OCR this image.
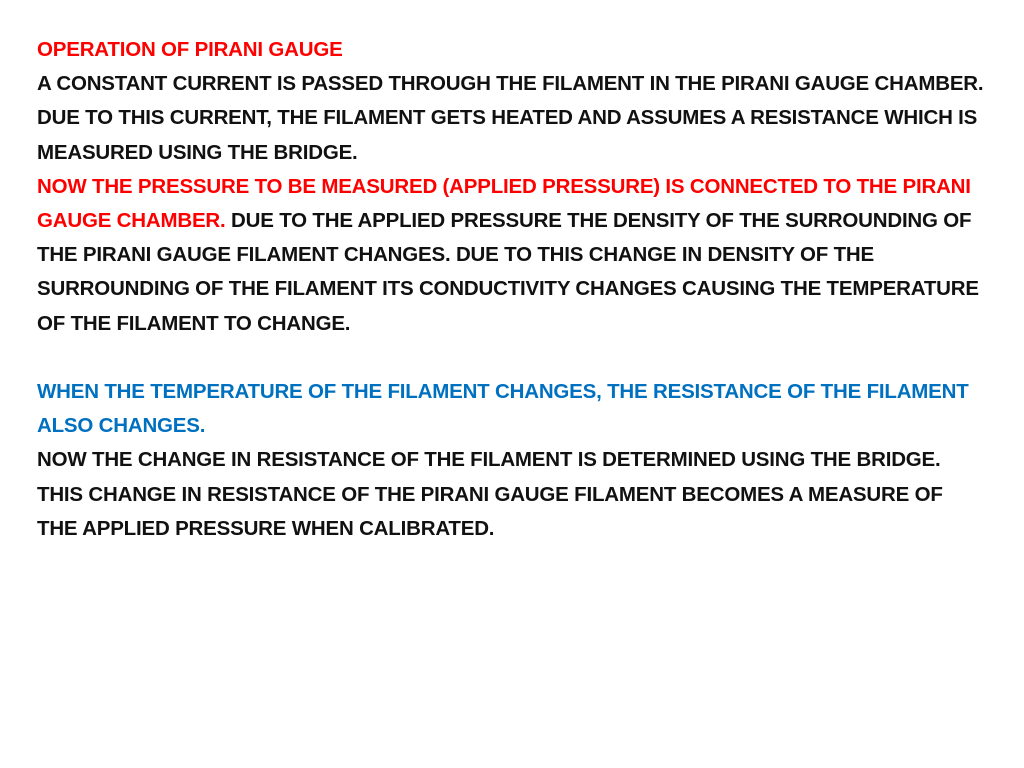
OPERATION OF PIRANI GAUGE

A CONSTANT CURRENT IS PASSED THROUGH THE FILAMENT IN THE PIRANI GAUGE CHAMBER.

DUE TO THIS CURRENT, THE FILAMENT GETS HEATED AND ASSUMES A RESISTANCE WHICH IS MEASURED USING THE BRIDGE.

NOW THE PRESSURE TO BE MEASURED (APPLIED PRESSURE) IS CONNECTED TO THE PIRANI GAUGE CHAMBER. DUE TO THE APPLIED PRESSURE THE DENSITY OF THE SURROUNDING OF THE PIRANI GAUGE FILAMENT CHANGES. DUE TO THIS CHANGE IN DENSITY OF THE SURROUNDING OF THE FILAMENT ITS CONDUCTIVITY CHANGES CAUSING THE TEMPERATURE OF THE FILAMENT TO CHANGE.

WHEN THE TEMPERATURE OF THE FILAMENT CHANGES, THE RESISTANCE OF THE FILAMENT ALSO CHANGES.

NOW THE CHANGE IN RESISTANCE OF THE FILAMENT IS DETERMINED USING THE BRIDGE.

THIS CHANGE IN RESISTANCE OF THE PIRANI GAUGE FILAMENT BECOMES A MEASURE OF THE APPLIED PRESSURE WHEN CALIBRATED.
